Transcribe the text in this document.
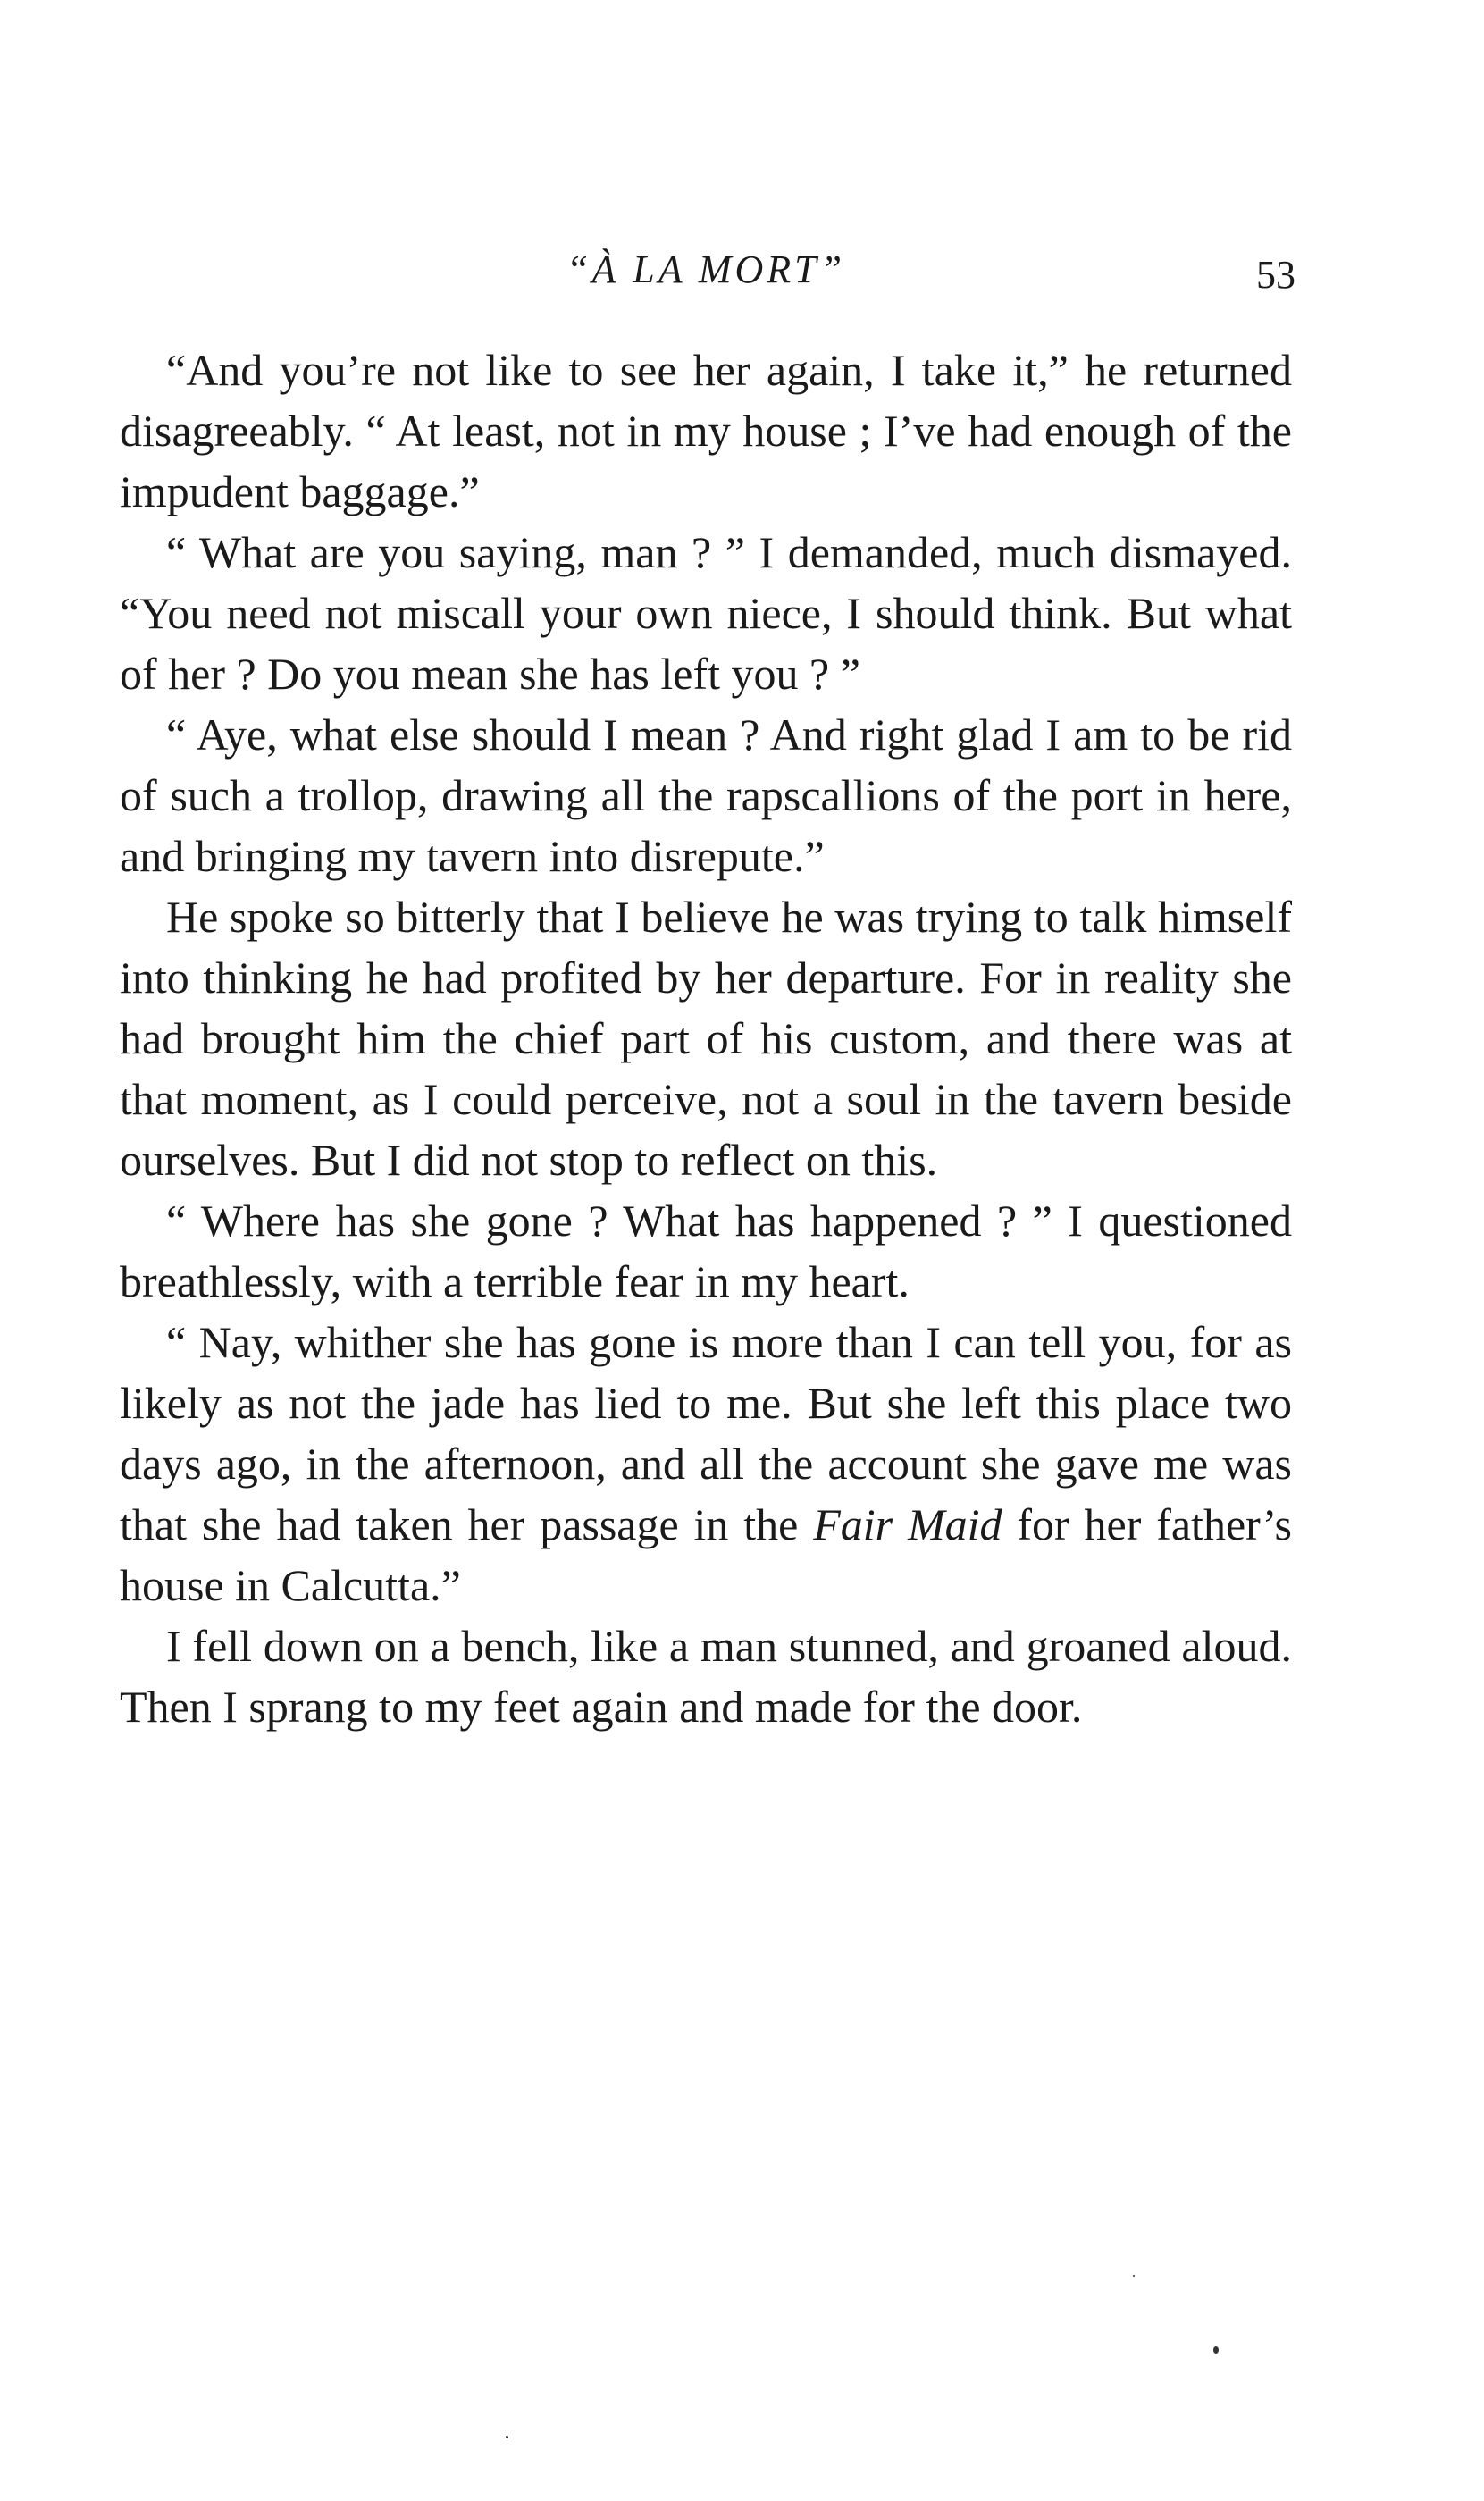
“À LA MORT”	53

“And you’re not like to see her again, I take it,” he returned disagreeably. “ At least, not in my house ; I’ve had enough of the impudent baggage.”

“ What are you saying, man ? ” I demanded, much dismayed. “You need not miscall your own niece, I should think. But what of her ? Do you mean she has left you ? ”

“ Aye, what else should I mean ? And right glad I am to be rid of such a trollop, drawing all the rapscallions of the port in here, and bringing my tavern into disrepute.”

He spoke so bitterly that I believe he was trying to talk himself into thinking he had profited by her departure. For in reality she had brought him the chief part of his custom, and there was at that moment, as I could perceive, not a soul in the tavern beside ourselves. But I did not stop to reflect on this.

“ Where has she gone ? What has happened ? ” I questioned breathlessly, with a terrible fear in my heart.

“ Nay, whither she has gone is more than I can tell you, for as likely as not the jade has lied to me. But she left this place two days ago, in the afternoon, and all the account she gave me was that she had taken her passage in the Fair Maid for her father’s house in Calcutta.”

I fell down on a bench, like a man stunned, and groaned aloud. Then I sprang to my feet again and made for the door.
